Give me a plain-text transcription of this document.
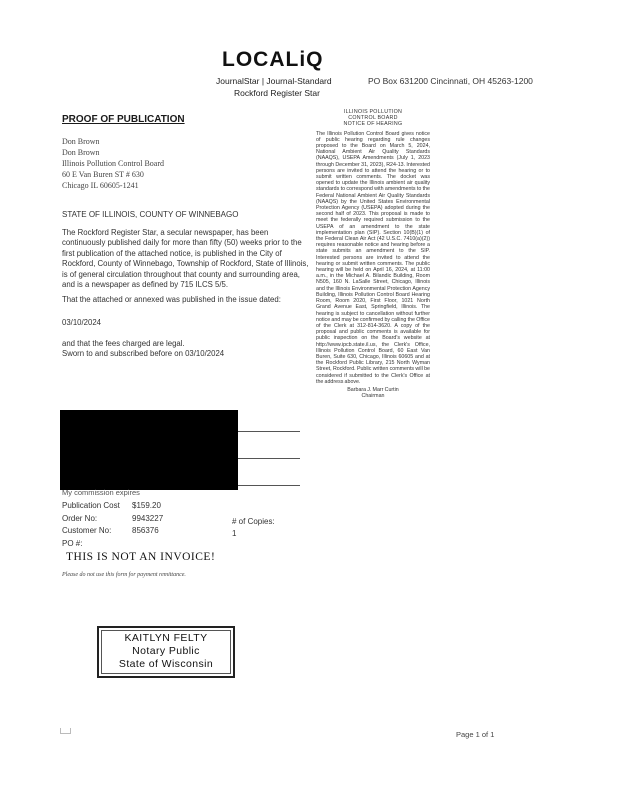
LOCALiQ
JournalStar | Journal-Standard
Rockford Register Star
PO Box 631200 Cincinnati, OH 45263-1200
PROOF OF PUBLICATION
Don Brown
Don Brown
Illinois Pollution Control Board
60 E Van Buren ST # 630
Chicago IL 60605-1241
STATE OF ILLINOIS, COUNTY OF WINNEBAGO
The Rockford Register Star, a secular newspaper, has been continuously published daily for more than fifty (50) weeks prior to the first publication of the attached notice, is published in the City of Rockford, County of Winnebago, Township of Rockford, State of Illinois, is of general circulation throughout that county and surrounding area, and is a newspaper as defined by 715 ILCS 5/5.
That the attached or annexed was published in the issue dated:
03/10/2024
and that the fees charged are legal.
Sworn to and subscribed before on 03/10/2024
My commission expires
Publication Cost $159.20
Order No:	9943227
Customer No:	856376
PO #:
# of Copies:
1
THIS IS NOT AN INVOICE!
Please do not use this form for payment remittance.
KAITLYN FELTY
Notary Public
State of Wisconsin
Page 1 of 1
ILLINOIS POLLUTION
CONTROL BOARD
NOTICE OF HEARING
The Illinois Pollution Control Board gives notice of public hearing regarding rule changes proposed to the Board on March 5, 2024, National Ambient Air Quality Standards (NAAQS), USEPA Amendments (July 1, 2023 through December 31, 2023), R24-13. Interested persons are invited to attend the hearing or to submit written comments. The docket was opened to update the Illinois ambient air quality standards to correspond with amendments to the Federal National Ambient Air Quality Standards (NAAQS) by the United States Environmental Protection Agency (USEPA) adopted during the second half of 2023. This proposal is made to meet the federally required submission to the USEPA of an amendment to the state implementation plan (SIP). Section 10(B)(1) of the Federal Clean Air Act (42 U.S.C. 7410(a)(2)) requires reasonable notice and hearing before a state submits an amendment to the SIP. Interested persons are invited to attend the hearing or submit written comments. The public hearing will be held on April 16, 2024, at 11:00 a.m., in the Michael A. Bilandic Building, Room N505, 160 N. LaSalle Street, Chicago, Illinois and the Illinois Environmental Protection Agency Building, Illinois Pollution Control Board Hearing Room, Room 2020, First Floor, 1021 North Grand Avenue East, Springfield, Illinois. The hearing is subject to cancellation without further notice and may be confirmed by calling the Office of the Clerk at 312-814-3620. A copy of the proposal and public comments is available for public inspection on the Board's website at http://www.ipcb.state.il.us, the Clerk's Office, Illinois Pollution Control Board, 60 East Van Buren, Suite 630, Chicago, Illinois 60605 and at the Rockford Public Library, 215 North Wyman Street, Rockford. Public written comments will be considered if submitted to the Clerk's Office at the address above.
Barbara J. Marr Curtin
Chairman
